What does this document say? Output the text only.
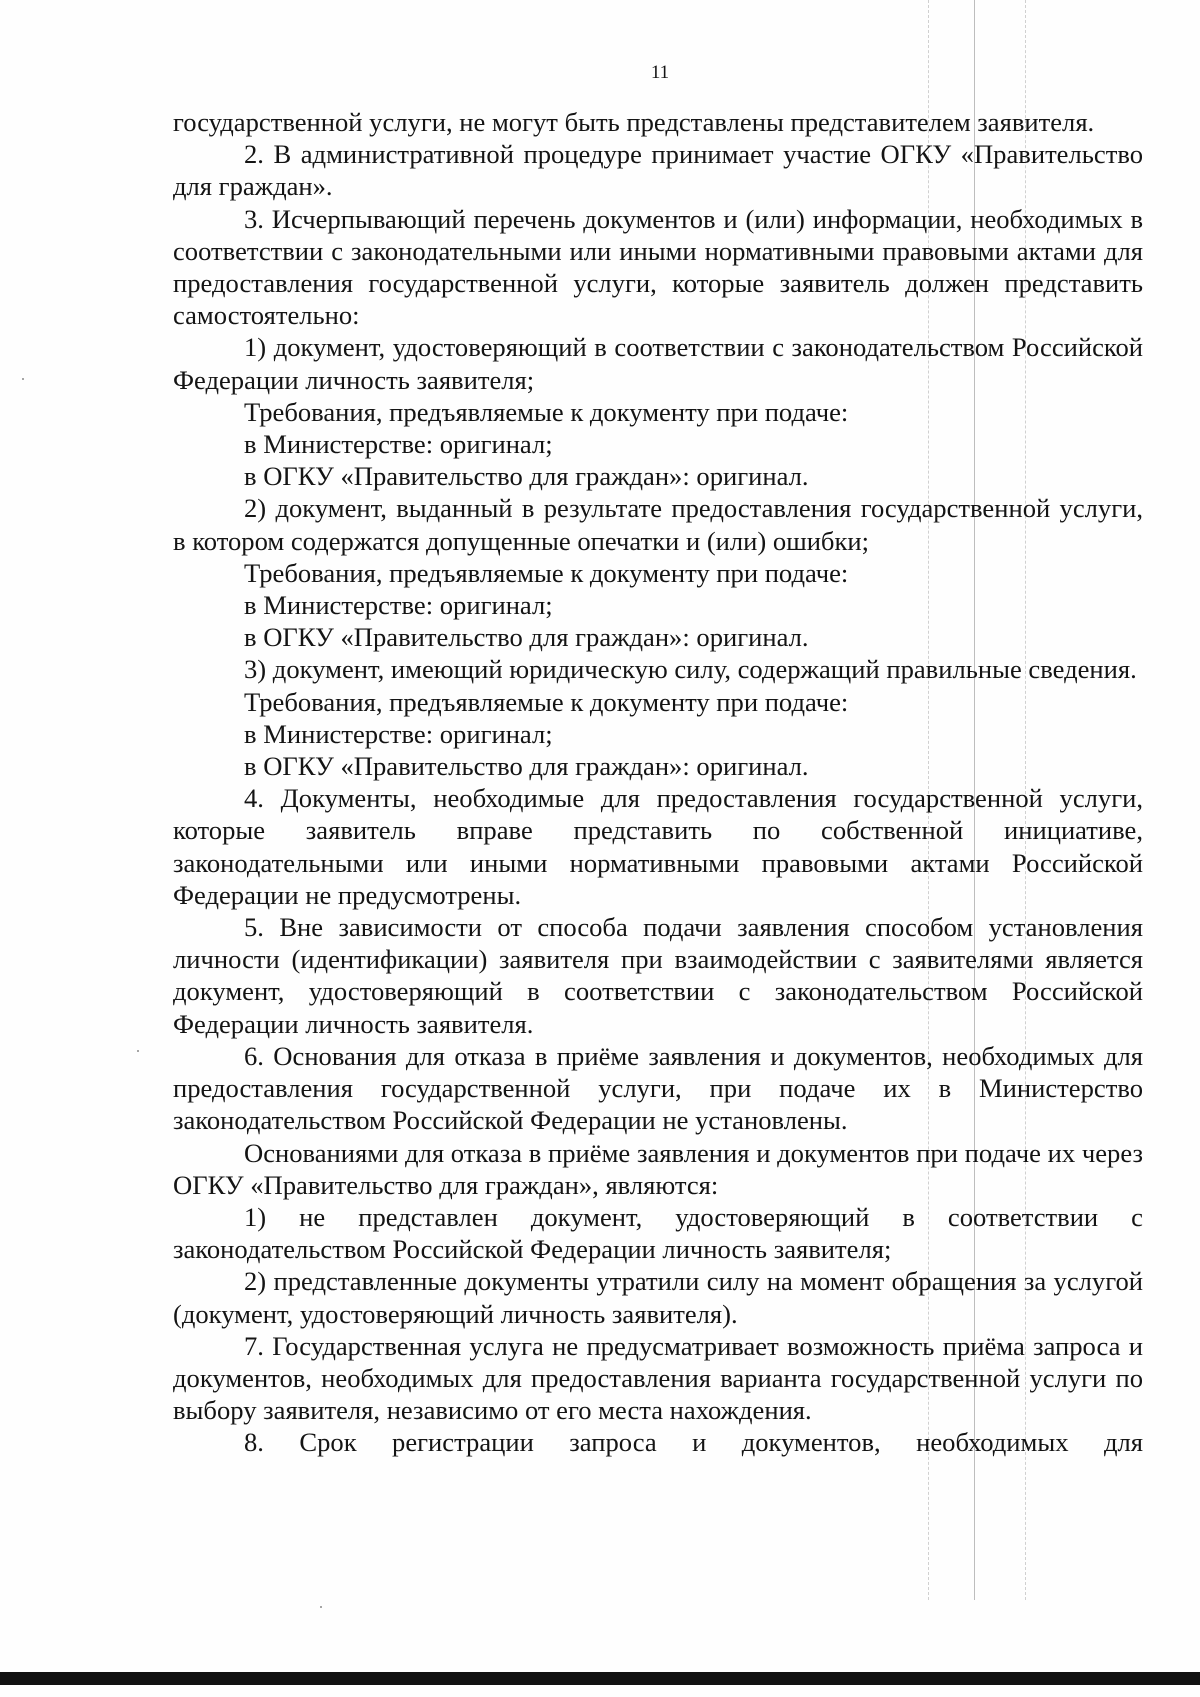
11

государственной услуги, не могут быть представлены представителем заявителя.

2. В административной процедуре принимает участие ОГКУ «Правительство для граждан».

3. Исчерпывающий перечень документов и (или) информации, необходимых в соответствии с законодательными или иными нормативными правовыми актами для предоставления государственной услуги, которые заявитель должен представить самостоятельно:

1) документ, удостоверяющий в соответствии с законодательством Российской Федерации личность заявителя;

Требования, предъявляемые к документу при подаче:

в Министерстве: оригинал;

в ОГКУ «Правительство для граждан»: оригинал.

2) документ, выданный в результате предоставления государственной услуги, в котором содержатся допущенные опечатки и (или) ошибки;

Требования, предъявляемые к документу при подаче:

в Министерстве: оригинал;

в ОГКУ «Правительство для граждан»: оригинал.

3) документ, имеющий юридическую силу, содержащий правильные сведения.

Требования, предъявляемые к документу при подаче:

в Министерстве: оригинал;

в ОГКУ «Правительство для граждан»: оригинал.

4. Документы, необходимые для предоставления государственной услуги, которые заявитель вправе представить по собственной инициативе, законодательными или иными нормативными правовыми актами Российской Федерации не предусмотрены.

5. Вне зависимости от способа подачи заявления способом установления личности (идентификации) заявителя при взаимодействии с заявителями является документ, удостоверяющий в соответствии с законодательством Российской Федерации личность заявителя.

6. Основания для отказа в приёме заявления и документов, необходимых для предоставления государственной услуги, при подаче их в Министерство законодательством Российской Федерации не установлены.

Основаниями для отказа в приёме заявления и документов при подаче их через ОГКУ «Правительство для граждан», являются:

1) не представлен документ, удостоверяющий в соответствии с законодательством Российской Федерации личность заявителя;

2) представленные документы утратили силу на момент обращения за услугой (документ, удостоверяющий личность заявителя).

7. Государственная услуга не предусматривает возможность приёма запроса и документов, необходимых для предоставления варианта государственной услуги по выбору заявителя, независимо от его места нахождения.

8. Срок регистрации запроса и документов, необходимых для
